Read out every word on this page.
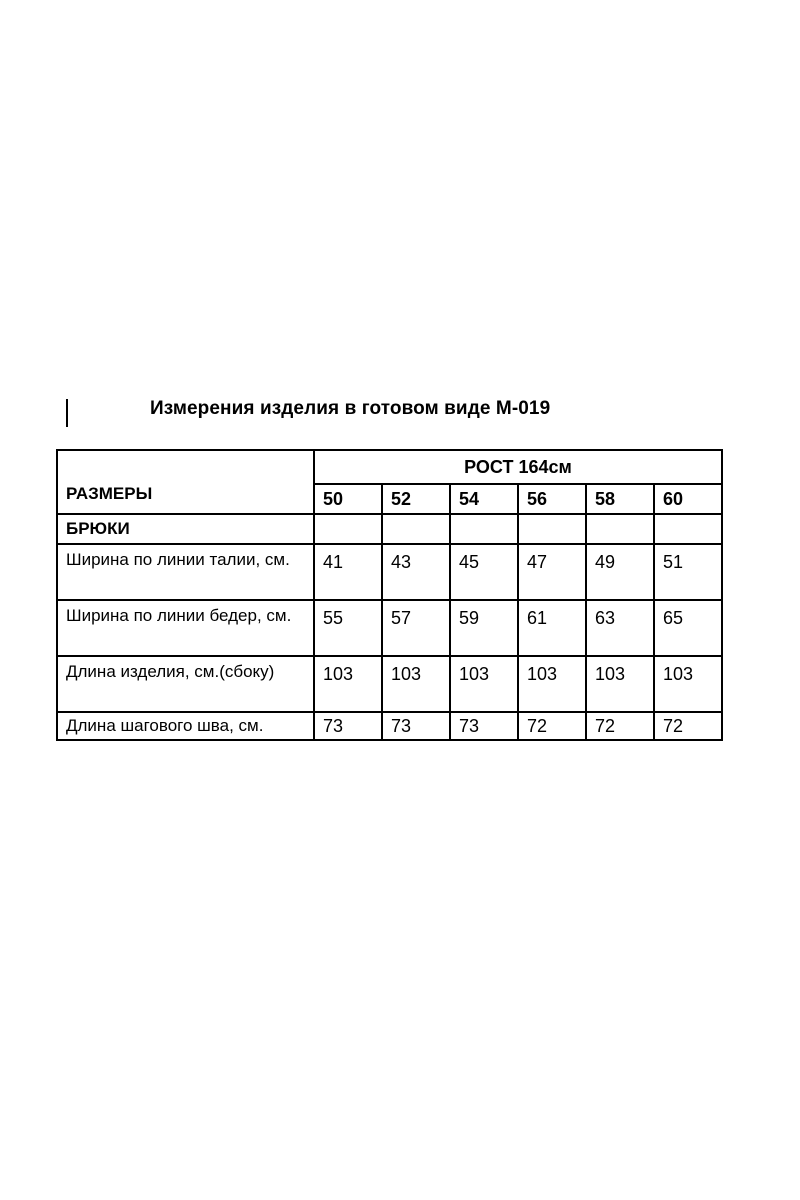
Измерения изделия в готовом виде М-019
РАЗМЕРЫ	РОСТ 164см					
	50	52	54	56	58	60
БРЮКИ						
Ширина по линии талии, см.	41	43	45	47	49	51
Ширина по линии бедер, см.	55	57	59	61	63	65
Длина изделия, см.(сбоку)	103	103	103	103	103	103
Длина шагового шва, см.	73	73	73	72	72	72
